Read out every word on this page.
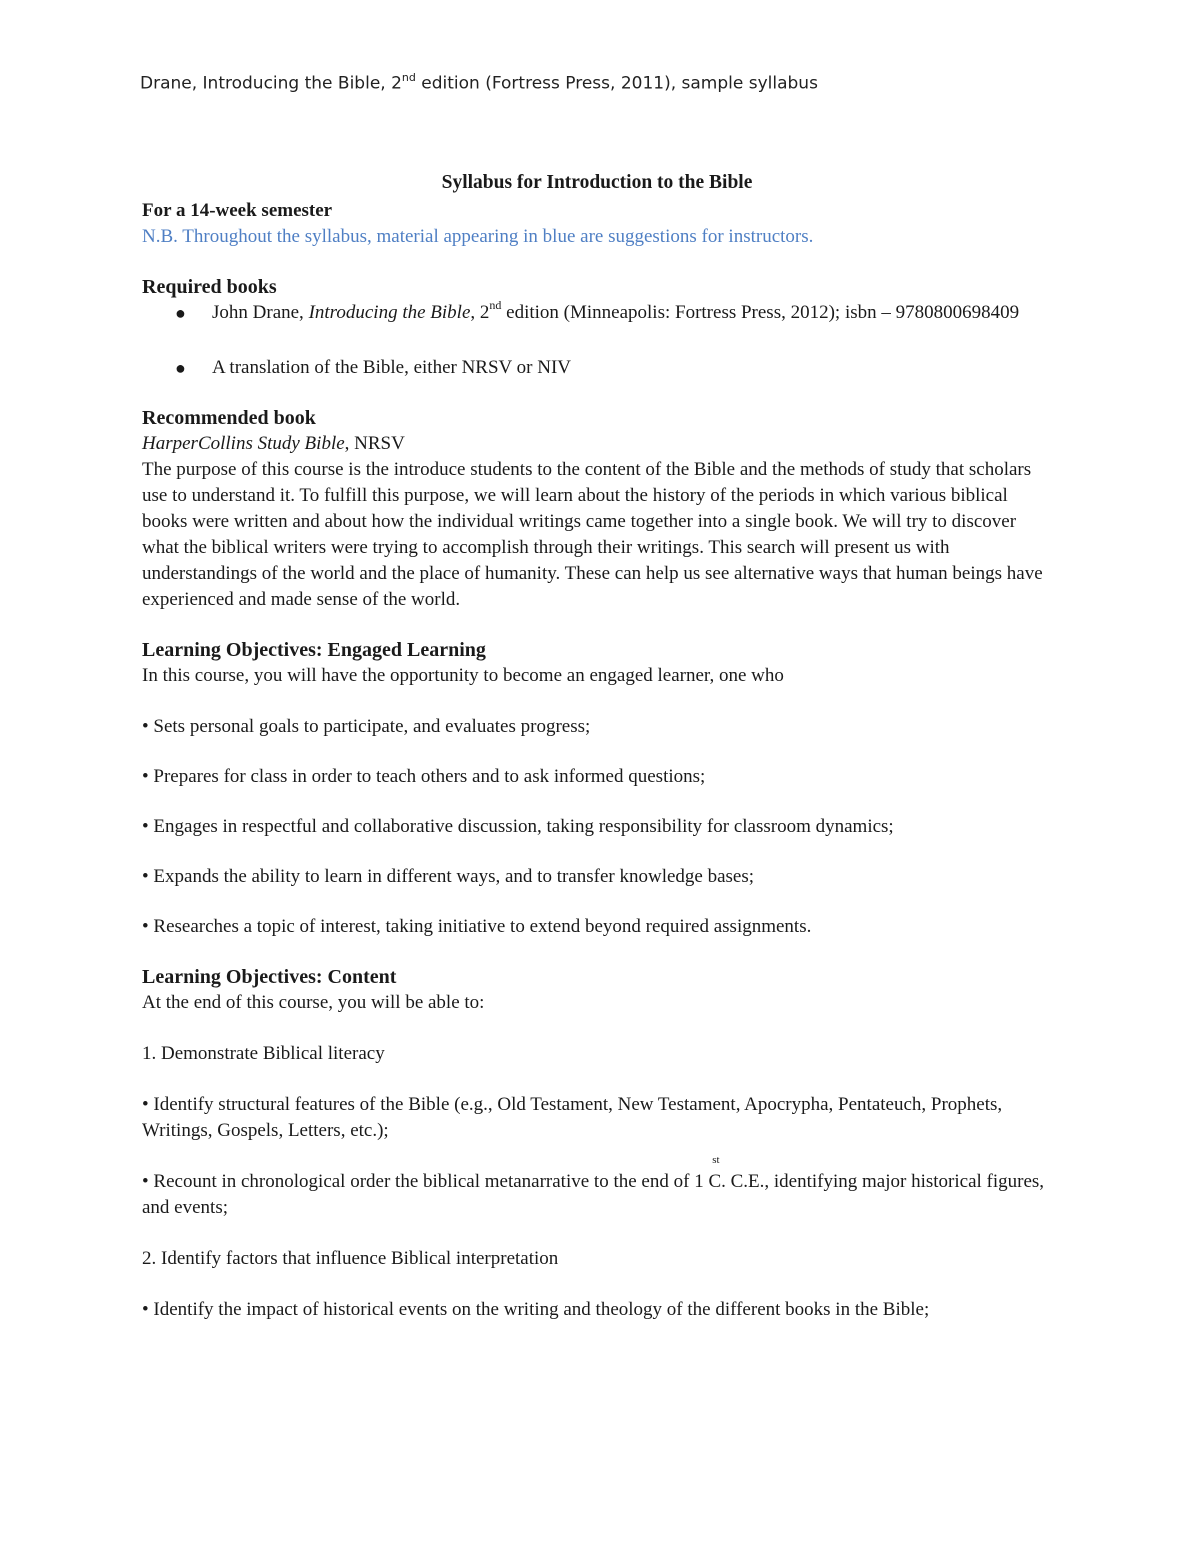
Drane, Introducing the Bible, 2nd edition (Fortress Press, 2011), sample syllabus

Syllabus for Introduction to the Bible

For a 14-week semester

N.B. Throughout the syllabus, material appearing in blue are suggestions for instructors.

Required books
● John Drane, Introducing the Bible, 2nd edition (Minneapolis: Fortress Press, 2012); isbn – 9780800698409
● A translation of the Bible, either NRSV or NIV
Recommended book

HarperCollins Study Bible, NRSV

The purpose of this course is the introduce students to the content of the Bible and the methods of study that scholars use to understand it. To fulfill this purpose, we will learn about the history of the periods in which various biblical books were written and about how the individual writings came together into a single book. We will try to discover what the biblical writers were trying to accomplish through their writings. This search will present us with understandings of the world and the place of humanity. These can help us see alternative ways that human beings have experienced and made sense of the world.

Learning Objectives: Engaged Learning

In this course, you will have the opportunity to become an engaged learner, one who

• Sets personal goals to participate, and evaluates progress;

• Prepares for class in order to teach others and to ask informed questions;

• Engages in respectful and collaborative discussion, taking responsibility for classroom dynamics;

• Expands the ability to learn in different ways, and to transfer knowledge bases;

• Researches a topic of interest, taking initiative to extend beyond required assignments.

Learning Objectives: Content

At the end of this course, you will be able to:

1. Demonstrate Biblical literacy

• Identify structural features of the Bible (e.g., Old Testament, New Testament, Apocrypha, Pentateuch, Prophets, Writings, Gospels, Letters, etc.);

• Recount in chronological order the biblical metanarrative to the end of 1
st
C. C.E., identifying major historical figures, and events;

2. Identify factors that influence Biblical interpretation

• Identify the impact of historical events on the writing and theology of the different books in the Bible;
